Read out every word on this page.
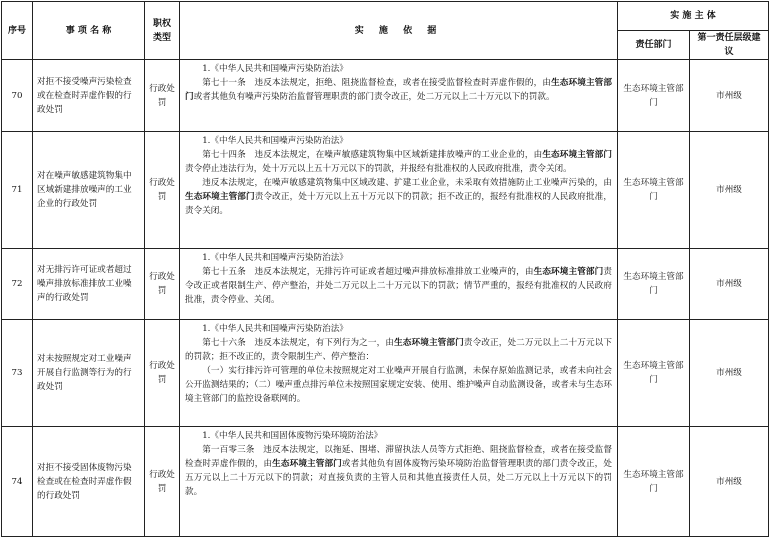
序号	事 项 名 称	职权类型	实 施 依 据	实 施 主 体	
				责任部门	第一责任层级建议
70	对拒不接受噪声污染检查或在检查时弄虚作假的行政处罚	行政处罚	1.《中华人民共和国噪声污染防治法》

第七十一条　违反本法规定，拒绝、阻挠监督检查，或者在接受监督检查时弄虚作假的，由生态环境主管部门或者其他负有噪声污染防治监督管理职责的部门责令改正，处二万元以上二十万元以下的罚款。	生态环境主管部门	市州级
71	对在噪声敏感建筑物集中区域新建排放噪声的工业企业的行政处罚	行政处罚	1.《中华人民共和国噪声污染防治法》

第七十四条　违反本法规定，在噪声敏感建筑物集中区域新建排放噪声的工业企业的，由生态环境主管部门责令停止违法行为，处十万元以上五十万元以下的罚款，并报经有批准权的人民政府批准，责令关闭。

违反本法规定，在噪声敏感建筑物集中区域改建、扩建工业企业，未采取有效措施防止工业噪声污染的，由生态环境主管部门责令改正，处十万元以上五十万元以下的罚款；拒不改正的，报经有批准权的人民政府批准，责令关闭。	生态环境主管部门	市州级
72	对无排污许可证或者超过噪声排放标准排放工业噪声的行政处罚	行政处罚	1.《中华人民共和国噪声污染防治法》

第七十五条　违反本法规定，无排污许可证或者超过噪声排放标准排放工业噪声的，由生态环境主管部门责令改正或者限制生产、停产整治，并处二万元以上二十万元以下的罚款；情节严重的，报经有批准权的人民政府批准，责令停业、关闭。	生态环境主管部门	市州级
73	对未按照规定对工业噪声开展自行监测等行为的行政处罚	行政处罚	1.《中华人民共和国噪声污染防治法》

第七十六条　违反本法规定，有下列行为之一，由生态环境主管部门责令改正，处二万元以上二十万元以下的罚款；拒不改正的，责令限制生产、停产整治：

（一）实行排污许可管理的单位未按照规定对工业噪声开展自行监测，未保存原始监测记录，或者未向社会公开监测结果的；（二）噪声重点排污单位未按照国家规定安装、使用、维护噪声自动监测设备，或者未与生态环境主管部门的监控设备联网的。	生态环境主管部门	市州级
74	对拒不接受固体废物污染检查或在检查时弄虚作假的行政处罚	行政处罚	1.《中华人民共和国固体废物污染环境防治法》

第一百零三条　违反本法规定，以拖延、围堵、滞留执法人员等方式拒绝、阻挠监督检查，或者在接受监督检查时弄虚作假的，由生态环境主管部门或者其他负有固体废物污染环境防治监督管理职责的部门责令改正，处五万元以上二十万元以下的罚款；对直接负责的主管人员和其他直接责任人员，处二万元以上十万元以下的罚款。	生态环境主管部门	市州级
